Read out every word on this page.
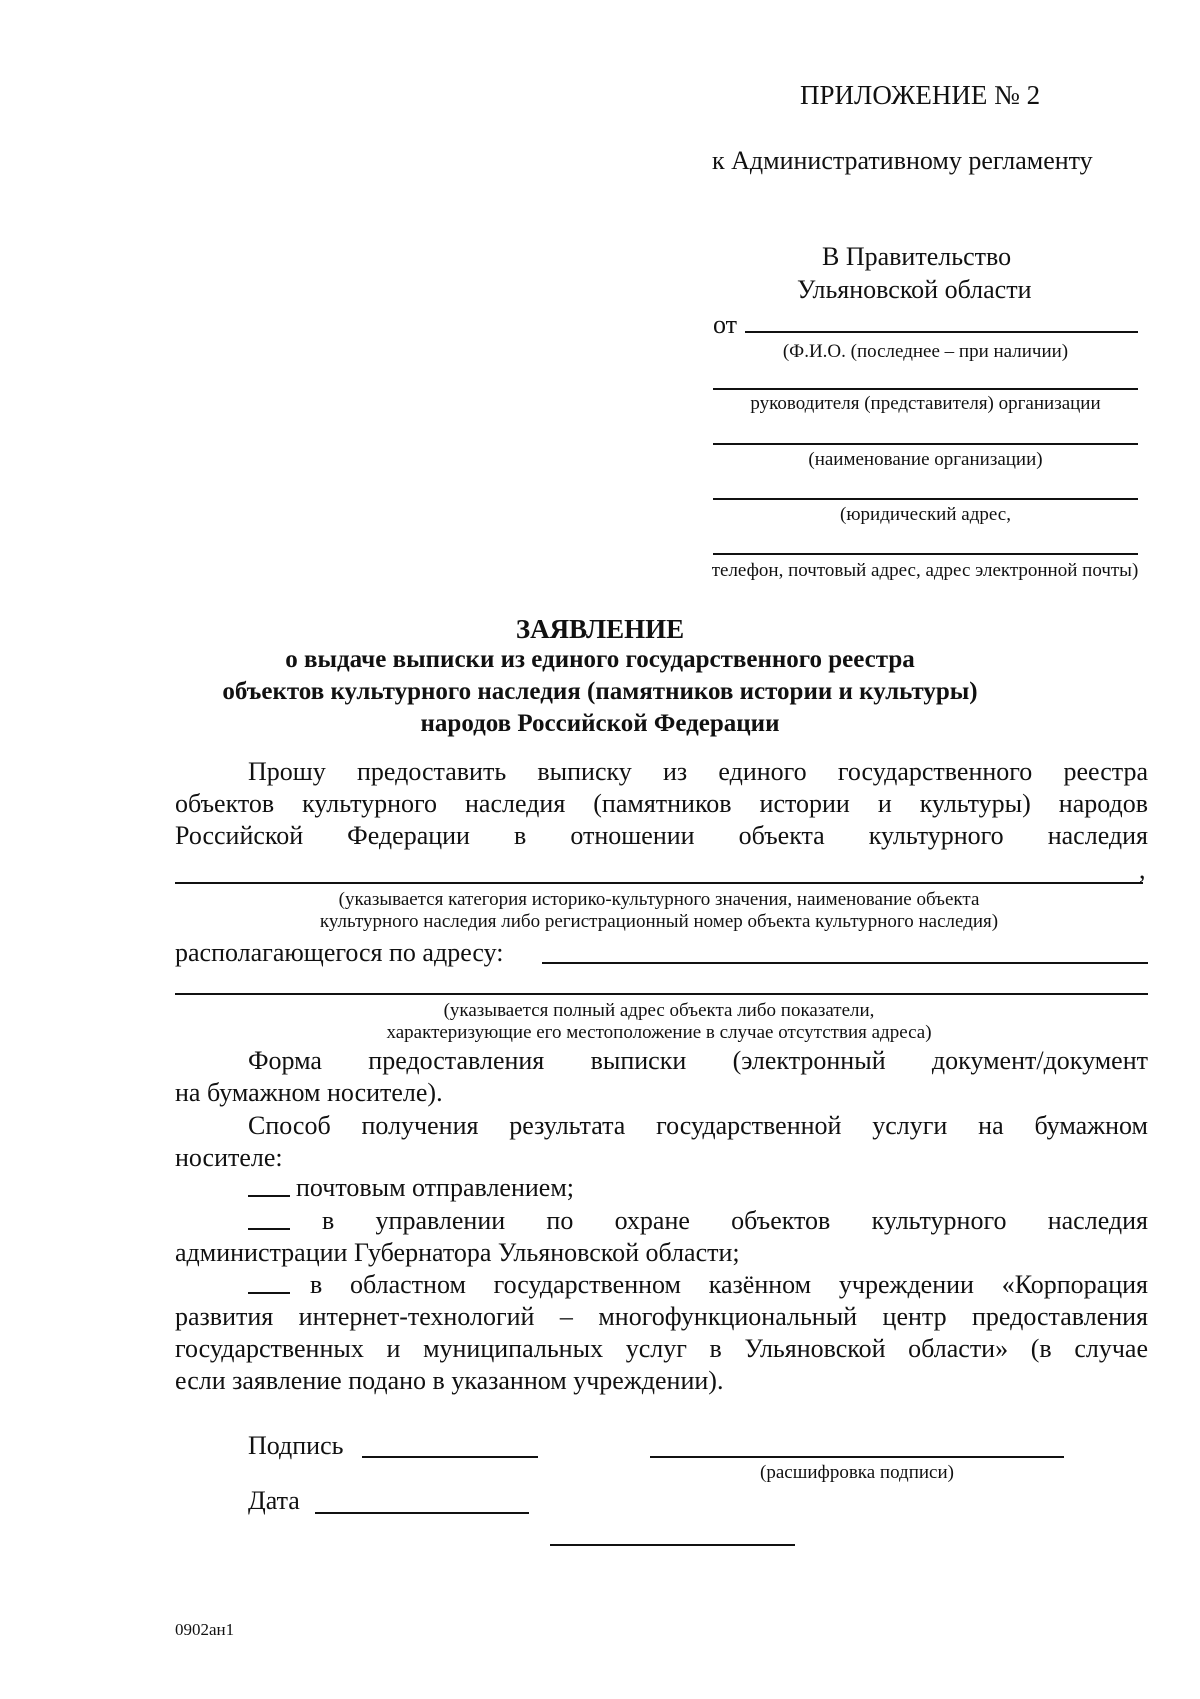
ПРИЛОЖЕНИЕ № 2
к Административному регламенту
В Правительство
Ульяновской области
от
(Ф.И.О. (последнее – при наличии)
руководителя (представителя) организации
(наименование организации)
(юридический адрес,
телефон, почтовый адрес, адрес электронной почты)
ЗАЯВЛЕНИЕ
о выдаче выписки из единого государственного реестра
объектов культурного наследия (памятников истории и культуры)
народов Российской Федерации
Прошу предоставить выписку из единого государственного реестра
объектов культурного наследия (памятников истории и культуры) народов
Российской Федерации в отношении объекта культурного наследия
,
(указывается категория историко-культурного значения, наименование объекта
культурного наследия либо регистрационный номер объекта культурного наследия)
располагающегося по адресу:
(указывается полный адрес объекта либо показатели,
характеризующие его местоположение в случае отсутствия адреса)
Форма предоставления выписки (электронный документ/документ
на бумажном носителе).
Способ получения результата государственной услуги на бумажном
носителе:
почтовым отправлением;
в управлении по охране объектов культурного наследия
администрации Губернатора Ульяновской области;
в областном государственном казённом учреждении «Корпорация
развития интернет-технологий – многофункциональный центр предоставления
государственных и муниципальных услуг в Ульяновской области» (в случае
если заявление подано в указанном учреждении).
Подпись
(расшифровка подписи)
Дата
0902ан1
